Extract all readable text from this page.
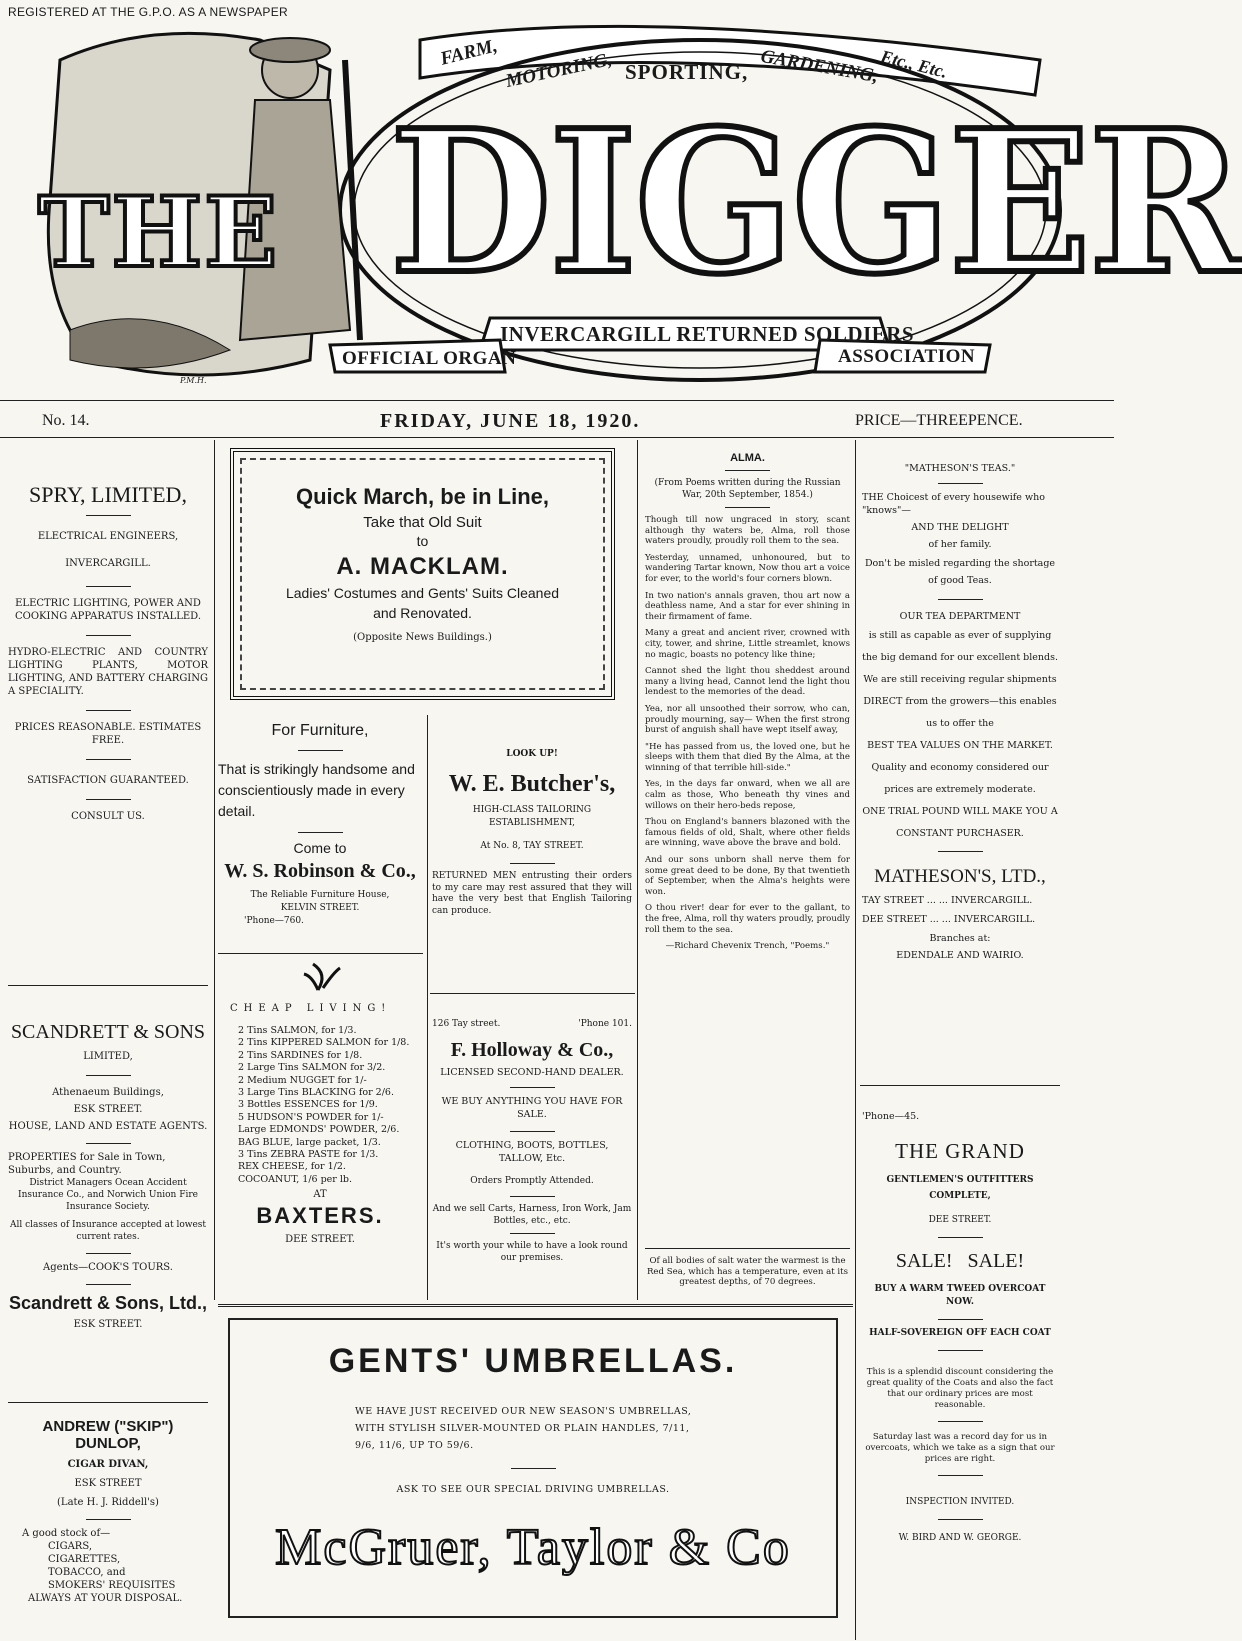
REGISTERED AT THE G.P.O. AS A NEWSPAPER
FARM, MOTORING, SPORTING, GARDENING,
Etc., Etc.
THE DIGGER
INVERCARGILL RETURNED SOLDIERS
OFFICIAL ORGAN	ASSOCIATION
P.M.H.
No. 14.	FRIDAY, JUNE 18, 1920.	PRICE—THREEPENCE.
SPRY, LIMITED,
ELECTRICAL ENGINEERS,
INVERCARGILL.
ELECTRIC LIGHTING, POWER AND COOKING APPARATUS INSTALLED.
HYDRO-ELECTRIC AND COUNTRY LIGHTING PLANTS, MOTOR LIGHTING, AND BATTERY CHARGING A SPECIALITY.
PRICES REASONABLE. ESTIMATES FREE.
SATISFACTION GUARANTEED.
CONSULT US.
SCANDRETT & SONS
LIMITED,
Athenaeum Buildings,
ESK STREET.
HOUSE, LAND AND ESTATE AGENTS.
PROPERTIES for Sale in Town, Suburbs, and Country.
District Managers Ocean Accident Insurance Co., and Norwich Union Fire Insurance Society.
All classes of Insurance accepted at lowest current rates.
Agents—COOK'S TOURS.
Scandrett & Sons, Ltd.,
ESK STREET.
ANDREW ("SKIP") DUNLOP,
CIGAR DIVAN,
ESK STREET
(Late H. J. Riddell's)
A good stock of—
CIGARS,
CIGARETTES,
TOBACCO, and
SMOKERS' REQUISITES
ALWAYS AT YOUR DISPOSAL.
Quick March, be in Line,
Take that Old Suit
to
A. MACKLAM.
Ladies' Costumes and Gents' Suits Cleaned
and Renovated.
(Opposite News Buildings.)
For Furniture,
That is strikingly handsome and conscientiously made in every detail.
Come to
W. S. Robinson & Co.,
The Reliable Furniture House,
KELVIN STREET.
'Phone—760.
CHEAP LIVING!
2 Tins SALMON, for 1/3.
2 Tins KIPPERED SALMON for 1/8.
2 Tins SARDINES for 1/8.
2 Large Tins SALMON for 3/2.
2 Medium NUGGET for 1/-
3 Large Tins BLACKING for 2/6.
3 Bottles ESSENCES for 1/9.
5 HUDSON'S POWDER for 1/-
Large EDMONDS' POWDER, 2/6.
BAG BLUE, large packet, 1/3.
3 Tins ZEBRA PASTE for 1/3.
REX CHEESE, for 1/2.
COCOANUT, 1/6 per lb.
AT
BAXTERS.
DEE STREET.
LOOK UP!
W. E. Butcher's,
HIGH-CLASS TAILORING ESTABLISHMENT,
At No. 8, TAY STREET.
RETURNED MEN entrusting their orders to my care may rest assured that they will have the very best that English Tailoring can produce.
126 Tay street.	'Phone 101.
F. Holloway & Co.,
LICENSED SECOND-HAND DEALER.
WE BUY ANYTHING YOU HAVE FOR SALE.
CLOTHING, BOOTS, BOTTLES, TALLOW, Etc.
Orders Promptly Attended.
And we sell Carts, Harness, Iron Work, Jam Bottles, etc., etc.
It's worth your while to have a look round our premises.
ALMA.
(From Poems written during the Russian War, 20th September, 1854.)

Though till now ungraced in story, scant although thy waters be, Alma, roll those waters proudly, proudly roll them to the sea.

Yesterday, unnamed, unhonoured, but to wandering Tartar known, Now thou art a voice for ever, to the world's four corners blown.

In two nation's annals graven, thou art now a deathless name, And a star for ever shining in their firmament of fame.

Many a great and ancient river, crowned with city, tower, and shrine, Little streamlet, knows no magic, boasts no potency like thine;

Cannot shed the light thou sheddest around many a living head, Cannot lend the light thou lendest to the memories of the dead.

Yea, nor all unsoothed their sorrow, who can, proudly mourning, say— When the first strong burst of anguish shall have wept itself away,

"He has passed from us, the loved one, but he sleeps with them that died By the Alma, at the winning of that terrible hill-side."

Yes, in the days far onward, when we all are calm as those, Who beneath thy vines and willows on their hero-beds repose,

Thou on England's banners blazoned with the famous fields of old, Shalt, where other fields are winning, wave above the brave and bold.

And our sons unborn shall nerve them for some great deed to be done, By that twentieth of September, when the Alma's heights were won.

O thou river! dear for ever to the gallant, to the free, Alma, roll thy waters proudly, proudly roll them to the sea.

—Richard Chevenix Trench, "Poems."
Of all bodies of salt water the warmest is the Red Sea, which has a temperature, even at its greatest depths, of 70 degrees.
"MATHESON'S TEAS."
THE Choicest of every housewife who "knows"—
AND THE DELIGHT
of her family.
Don't be misled regarding the shortage of good Teas.
OUR TEA DEPARTMENT
is still as capable as ever of supplying the big demand for our excellent blends.
We are still receiving regular shipments DIRECT from the growers—this enables us to offer the
BEST TEA VALUES ON THE MARKET.
Quality and economy considered our prices are extremely moderate.
ONE TRIAL POUND WILL MAKE YOU A CONSTANT PURCHASER.
MATHESON'S, LTD.,
TAY STREET ... ... INVERCARGILL.
DEE STREET ... ... INVERCARGILL.
Branches at:
EDENDALE AND WAIRIO.
'Phone—45.
THE GRAND
GENTLEMEN'S OUTFITTERS COMPLETE,
DEE STREET.
SALE!   SALE!
BUY A WARM TWEED OVERCOAT NOW.
HALF-SOVEREIGN OFF EACH COAT
This is a splendid discount considering the great quality of the Coats and also the fact that our ordinary prices are most reasonable.
Saturday last was a record day for us in overcoats, which we take as a sign that our prices are right.
INSPECTION INVITED.
W. BIRD AND W. GEORGE.
GENTS' UMBRELLAS.
WE HAVE JUST RECEIVED OUR NEW SEASON'S UMBRELLAS,
WITH STYLISH SILVER-MOUNTED OR PLAIN HANDLES, 7/11,
9/6, 11/6, UP TO 59/6.
ASK TO SEE OUR SPECIAL DRIVING UMBRELLAS.
McGruer, Taylor & Co
